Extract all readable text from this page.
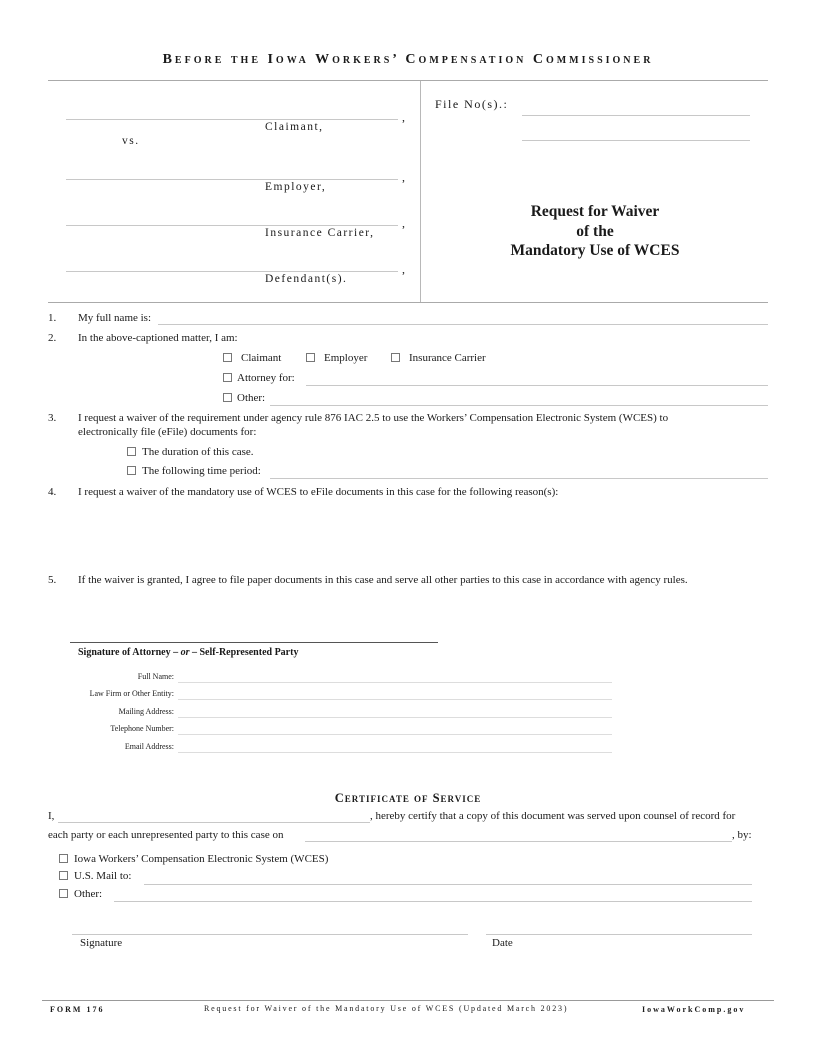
Before the Iowa Workers’ Compensation Commissioner
,
Claimant,
vs.
,
Employer,
,
Insurance Carrier,
,
Defendant(s).
File No(s).:
Request for Waiver
of the
Mandatory Use of WCES
1. My full name is:
2. In the above-captioned matter, I am:
Claimant	Employer	Insurance Carrier
Attorney for:
Other:
3. I request a waiver of the requirement under agency rule 876 IAC 2.5 to use the Workers’ Compensation Electronic System (WCES) to electronically file (eFile) documents for:
The duration of this case.
The following time period:
4. I request a waiver of the mandatory use of WCES to eFile documents in this case for the following reason(s):
5. If the waiver is granted, I agree to file paper documents in this case and serve all other parties to this case in accordance with agency rules.
Signature of Attorney – or – Self-Represented Party
Full Name:
Law Firm or Other Entity:
Mailing Address:
Telephone Number:
Email Address:
Certificate of Service
I,	, hereby certify that a copy of this document was served upon counsel of record for
each party or each unrepresented party to this case on	, by:
Iowa Workers’ Compensation Electronic System (WCES)
U.S. Mail to:
Other:
Signature	Date
FORM 176	Request for Waiver of the Mandatory Use of WCES (Updated March 2023)	IowaWorkComp.gov
